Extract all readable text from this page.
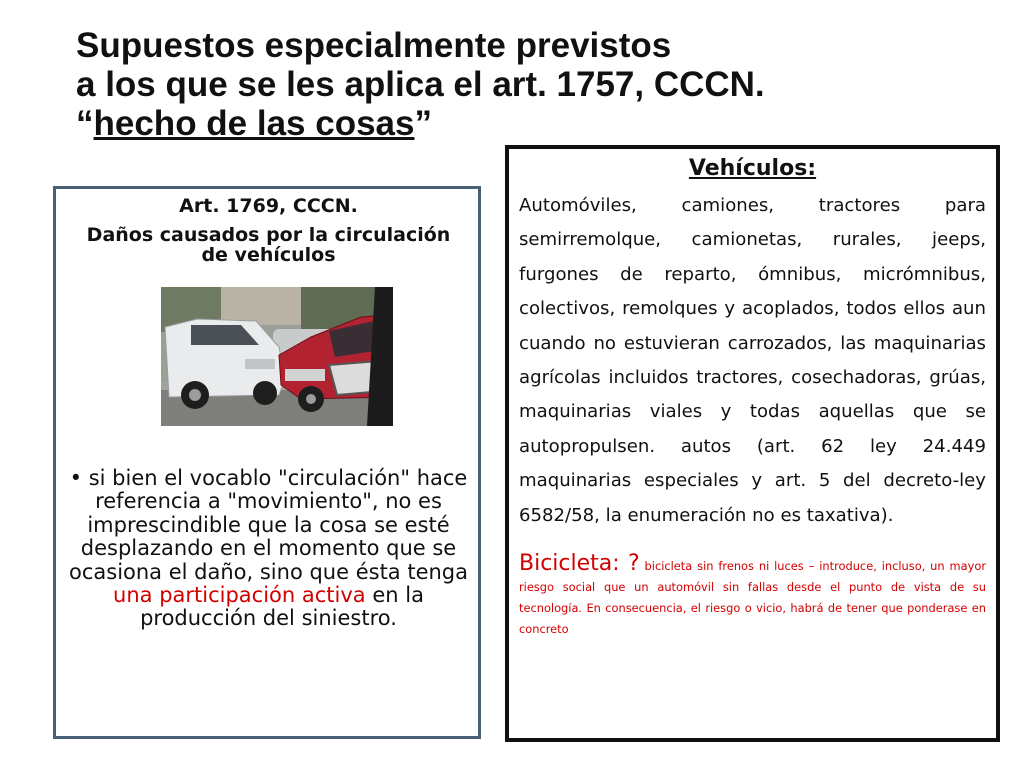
Supuestos especialmente previstos
a los que se les aplica el art. 1757, CCCN.
“hecho de las cosas”
Art. 1769, CCCN.
Daños causados por la circulación de vehículos

• si bien el vocablo "circulación" hace referencia a "movimiento", no es imprescindible que la cosa se esté desplazando en el momento que se ocasiona el daño, sino que ésta tenga una participación activa en la producción del siniestro.

Vehículos:

Automóviles, camiones, tractores para semirremolque, camionetas, rurales, jeeps, furgones de reparto, ómnibus, micrómnibus, colectivos, remolques y acoplados, todos ellos aun cuando no estuvieran carrozados, las maquinarias agrícolas incluidos tractores, cosechadoras, grúas, maquinarias viales y todas aquellas que se autopropulsen. autos (art. 62 ley 24.449 maquinarias especiales y art. 5 del decreto-ley 6582/58, la enumeración no es taxativa).

Bicicleta: ? bicicleta sin frenos ni luces – introduce, incluso, un mayor riesgo social que un automóvil sin fallas desde el punto de vista de su tecnología. En consecuencia, el riesgo o vicio, habrá de tener que ponderase en concreto
